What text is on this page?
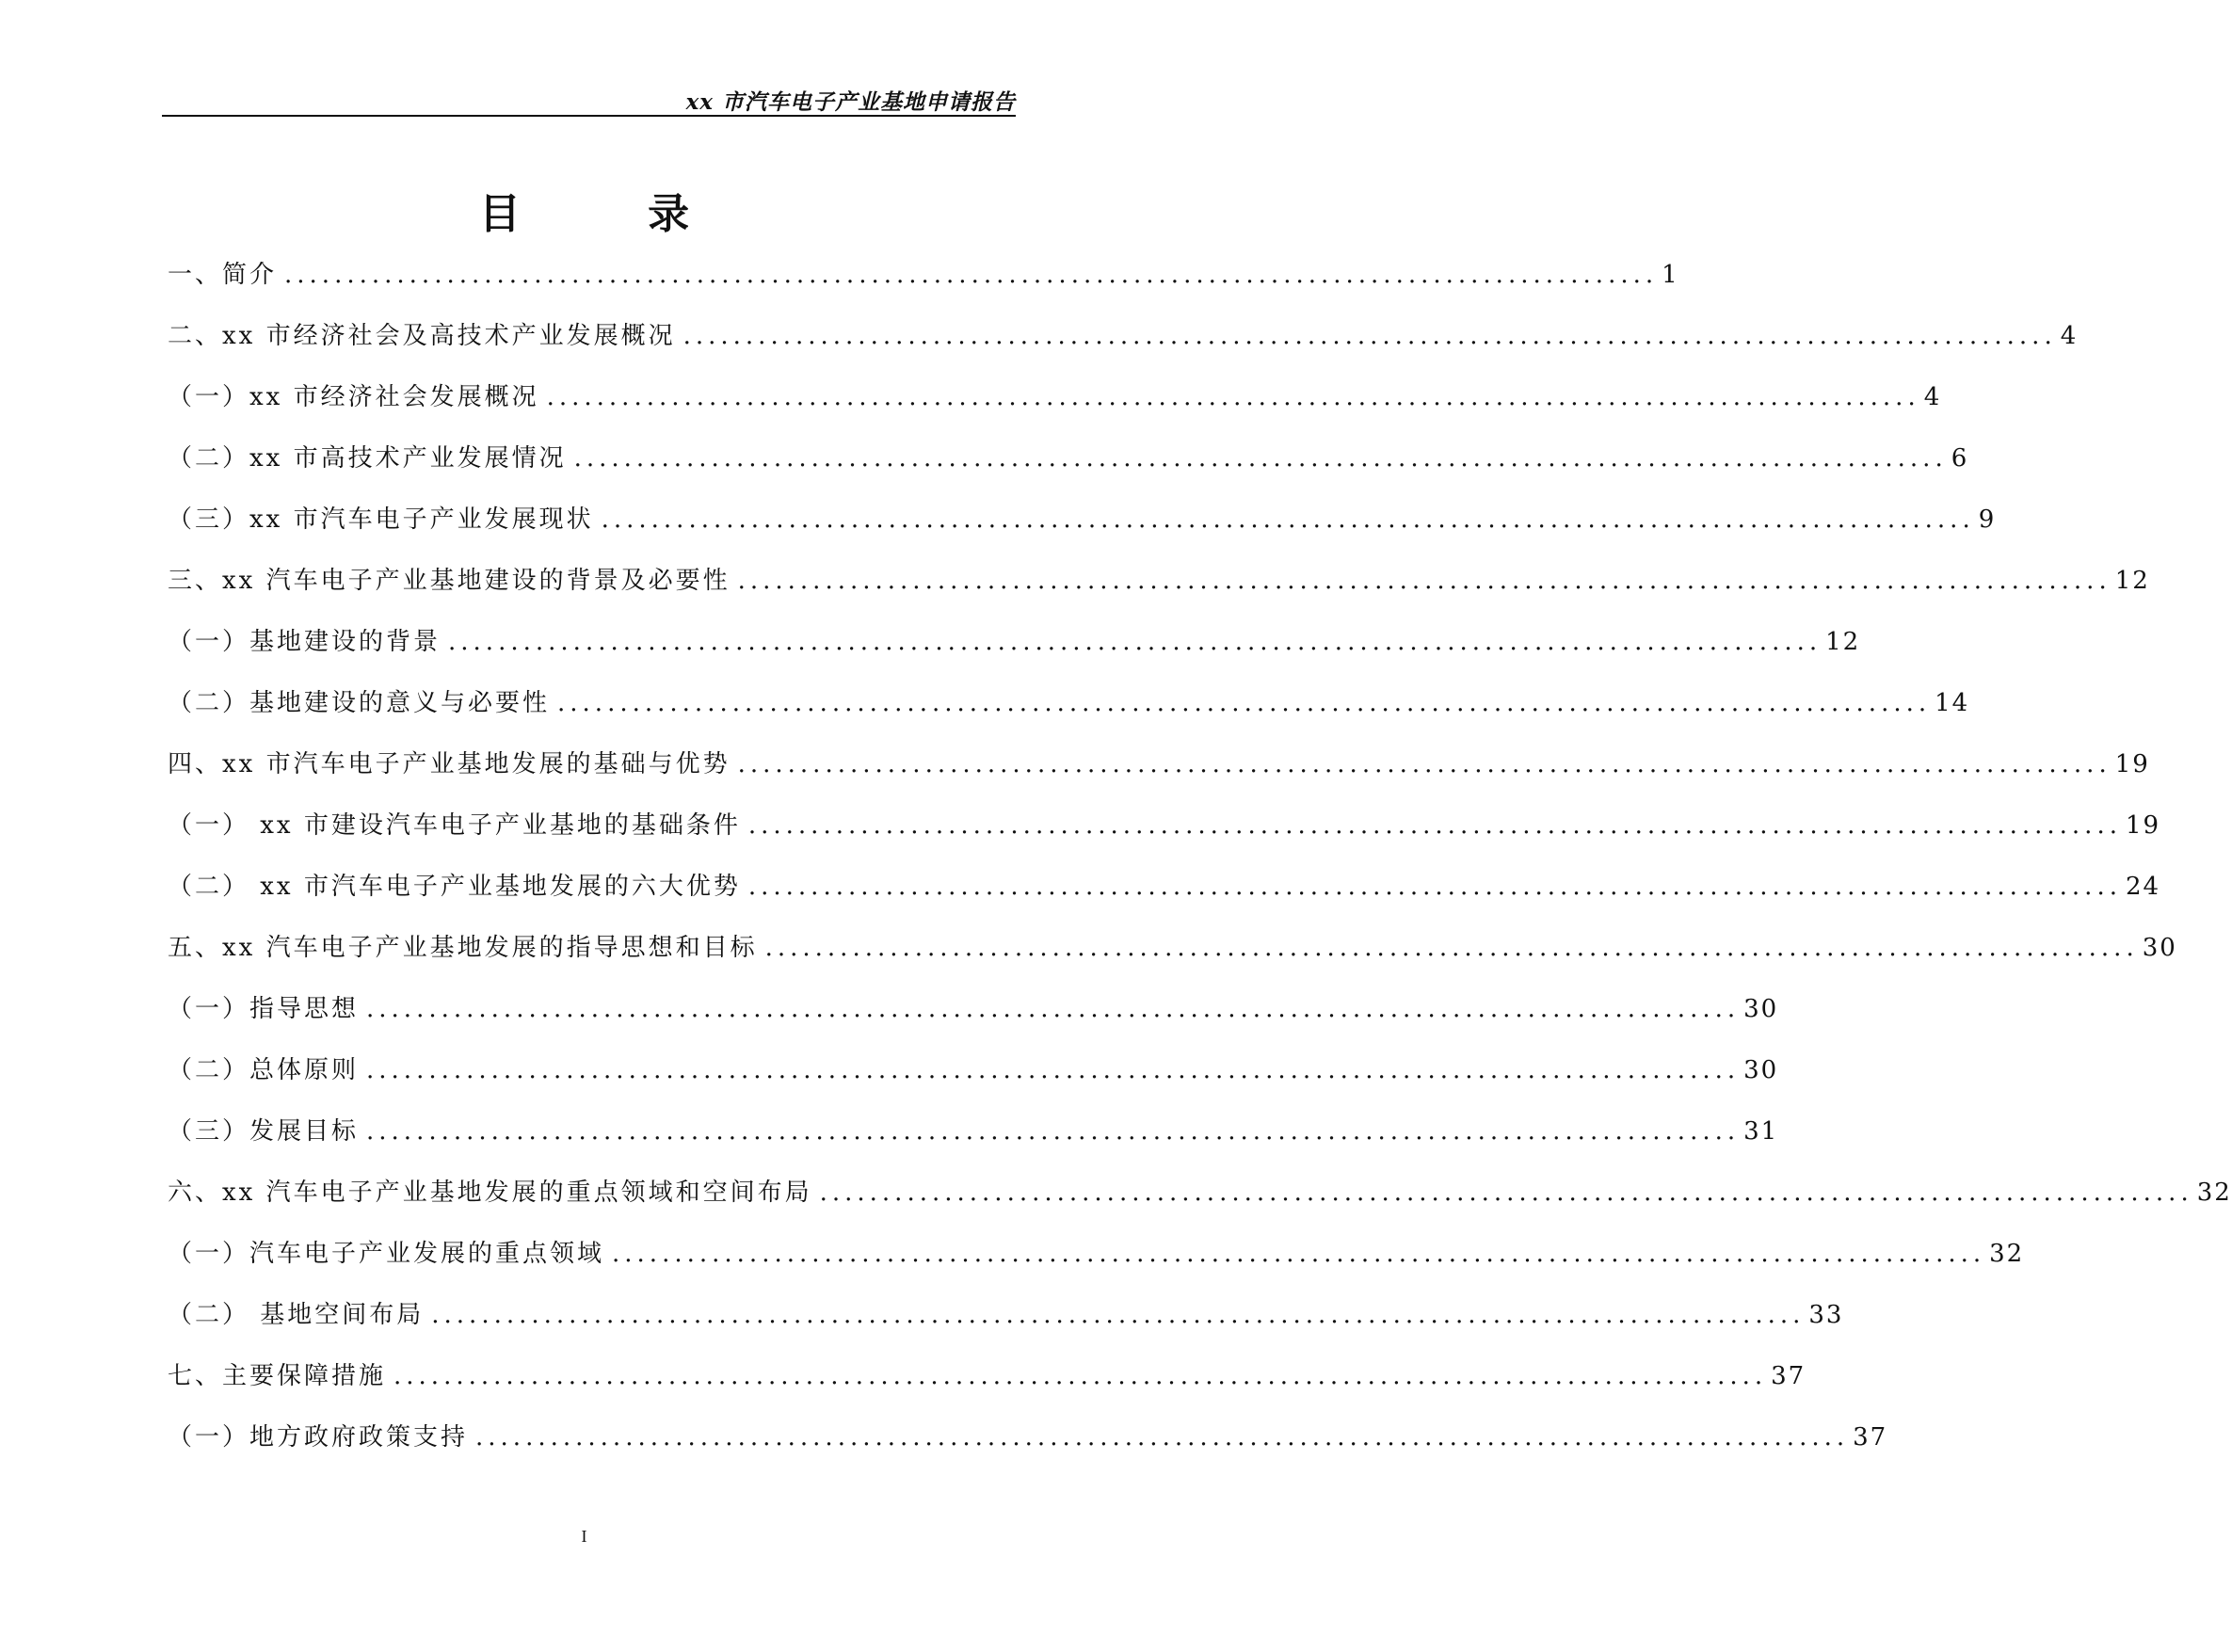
xx 市汽车电子产业基地申请报告
目 录
一、简介 .............................................................................................................. 1
二、xx 市经济社会及高技术产业发展概况 .............................................................................................................. 4
（一）xx 市经济社会发展概况 .............................................................................................................. 4
（二）xx 市高技术产业发展情况 .............................................................................................................. 6
（三）xx 市汽车电子产业发展现状 .............................................................................................................. 9
三、xx 汽车电子产业基地建设的背景及必要性 .............................................................................................................. 12
（一）基地建设的背景 .............................................................................................................. 12
（二）基地建设的意义与必要性 .............................................................................................................. 14
四、xx 市汽车电子产业基地发展的基础与优势 .............................................................................................................. 19
（一） xx 市建设汽车电子产业基地的基础条件 .............................................................................................................. 19
（二） xx 市汽车电子产业基地发展的六大优势 .............................................................................................................. 24
五、xx 汽车电子产业基地发展的指导思想和目标 .............................................................................................................. 30
（一）指导思想 .............................................................................................................. 30
（二）总体原则 .............................................................................................................. 30
（三）发展目标 .............................................................................................................. 31
六、xx 汽车电子产业基地发展的重点领域和空间布局 .............................................................................................................. 32
（一）汽车电子产业发展的重点领域 .............................................................................................................. 32
（二） 基地空间布局 .............................................................................................................. 33
七、主要保障措施 .............................................................................................................. 37
（一）地方政府政策支持 .............................................................................................................. 37
I
